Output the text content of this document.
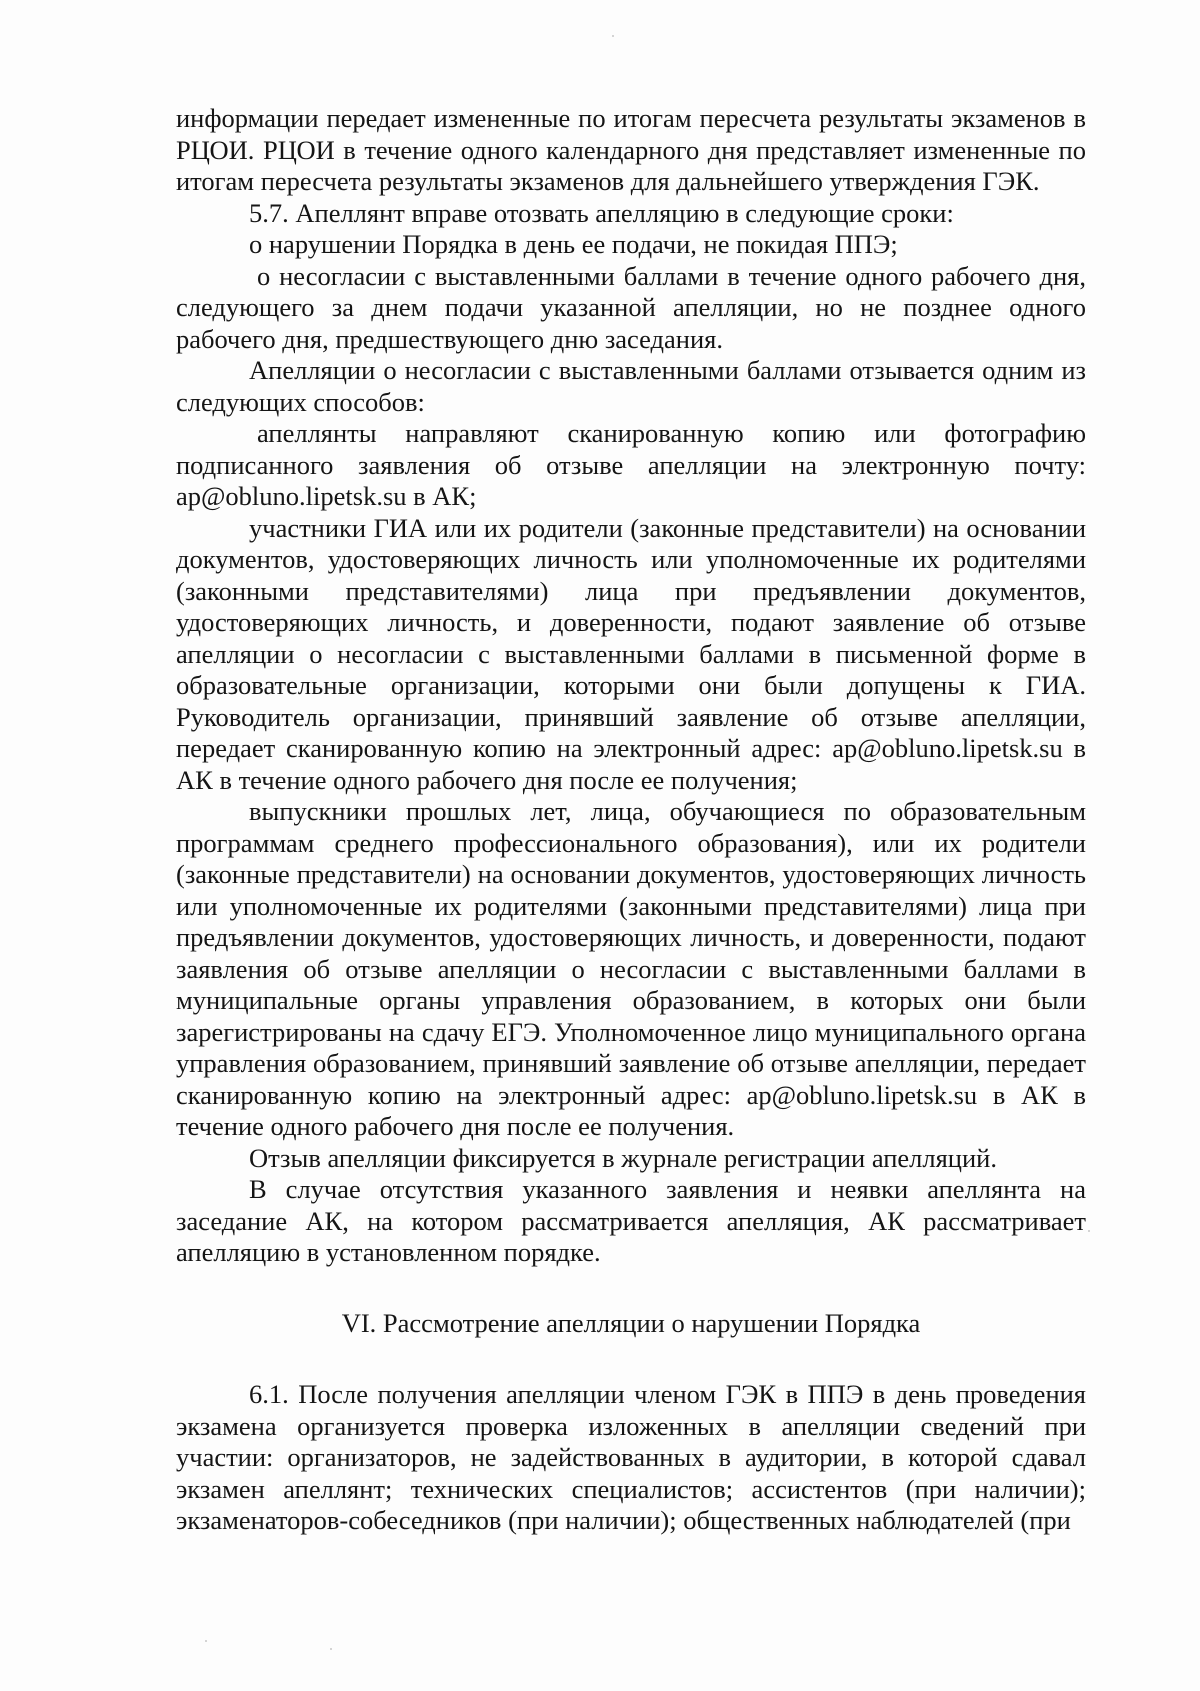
информации передает измененные по итогам пересчета результаты экзаменов в РЦОИ. РЦОИ в течение одного календарного дня представляет измененные по итогам пересчета результаты экзаменов для дальнейшего утверждения ГЭК.

5.7. Апеллянт вправе отозвать апелляцию в следующие сроки:

о нарушении Порядка в день ее подачи, не покидая ППЭ;

о несогласии с выставленными баллами в течение одного рабочего дня, следующего за днем подачи указанной апелляции, но не позднее одного рабочего дня, предшествующего дню заседания.

Апелляции о несогласии с выставленными баллами отзывается одним из следующих способов:

апеллянты направляют сканированную копию или фотографию подписанного заявления об отзыве апелляции на электронную почту: ap@obluno.lipetsk.su в АК;

участники ГИА или их родители (законные представители) на основании документов, удостоверяющих личность или уполномоченные их родителями (законными представителями) лица при предъявлении документов, удостоверяющих личность, и доверенности, подают заявление об отзыве апелляции о несогласии с выставленными баллами в письменной форме в образовательные организации, которыми они были допущены к ГИА. Руководитель организации, принявший заявление об отзыве апелляции, передает сканированную копию на электронный адрес: ap@obluno.lipetsk.su в АК в течение одного рабочего дня после ее получения;

выпускники прошлых лет, лица, обучающиеся по образовательным программам среднего профессионального образования), или их родители (законные представители) на основании документов, удостоверяющих личность или уполномоченные их родителями (законными представителями) лица при предъявлении документов, удостоверяющих личность, и доверенности, подают заявления об отзыве апелляции о несогласии с выставленными баллами в муниципальные органы управления образованием, в которых они были зарегистрированы на сдачу ЕГЭ. Уполномоченное лицо муниципального органа управления образованием, принявший заявление об отзыве апелляции, передает сканированную копию на электронный адрес: ap@obluno.lipetsk.su в АК в течение одного рабочего дня после ее получения.

Отзыв апелляции фиксируется в журнале регистрации апелляций.

В случае отсутствия указанного заявления и неявки апеллянта на заседание АК, на котором рассматривается апелляция, АК рассматривает апелляцию в установленном порядке.

VI. Рассмотрение апелляции о нарушении Порядка

6.1. После получения апелляции членом ГЭК в ППЭ в день проведения экзамена организуется проверка изложенных в апелляции сведений при участии: организаторов, не задействованных в аудитории, в которой сдавал экзамен апеллянт; технических специалистов; ассистентов (при наличии); экзаменаторов-собеседников (при наличии); общественных наблюдателей (при
